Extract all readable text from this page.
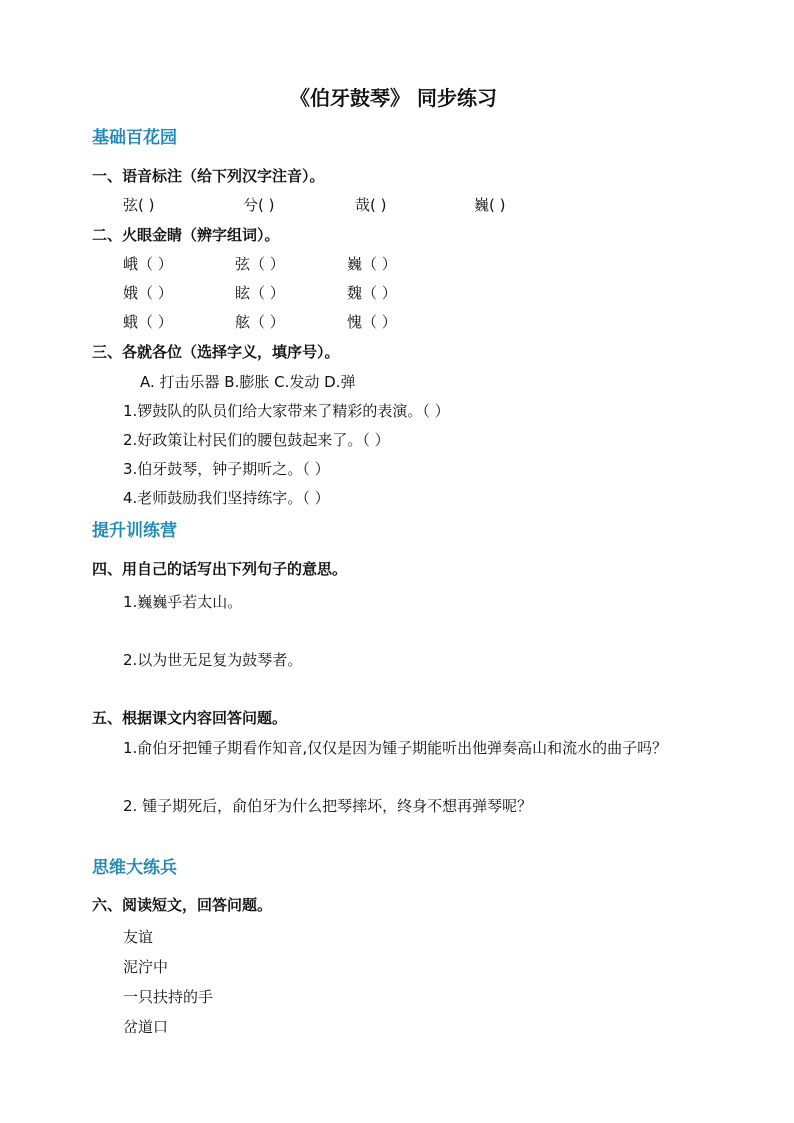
《伯牙鼓琴》 同步练习
基础百花园
一、语音标注（给下列汉字注音）。
弦( )	兮( )	哉( )	巍( )
二、火眼金睛（辨字组词）。
峨（ ）	弦（ ）	巍（ ）
娥（ ）	眩（ ）	魏（ ）
蛾（ ）	舷（ ）	愧（ ）
三、各就各位（选择字义，填序号）。
A. 打击乐器 B.膨胀 C.发动 D.弹
1.锣鼓队的队员们给大家带来了精彩的表演。（ ）
2.好政策让村民们的腰包鼓起来了。（ ）
3.伯牙鼓琴，钟子期听之。（ ）
4.老师鼓励我们坚持练字。（ ）
提升训练营
四、用自己的话写出下列句子的意思。
1.巍巍乎若太山。
2.以为世无足复为鼓琴者。
五、根据课文内容回答问题。
1.俞伯牙把锺子期看作知音,仅仅是因为锺子期能听出他弹奏高山和流水的曲子吗？
2. 锺子期死后，俞伯牙为什么把琴摔坏，终身不想再弹琴呢？
思维大练兵
六、阅读短文，回答问题。
友谊
泥泞中
一只扶持的手
岔道口
